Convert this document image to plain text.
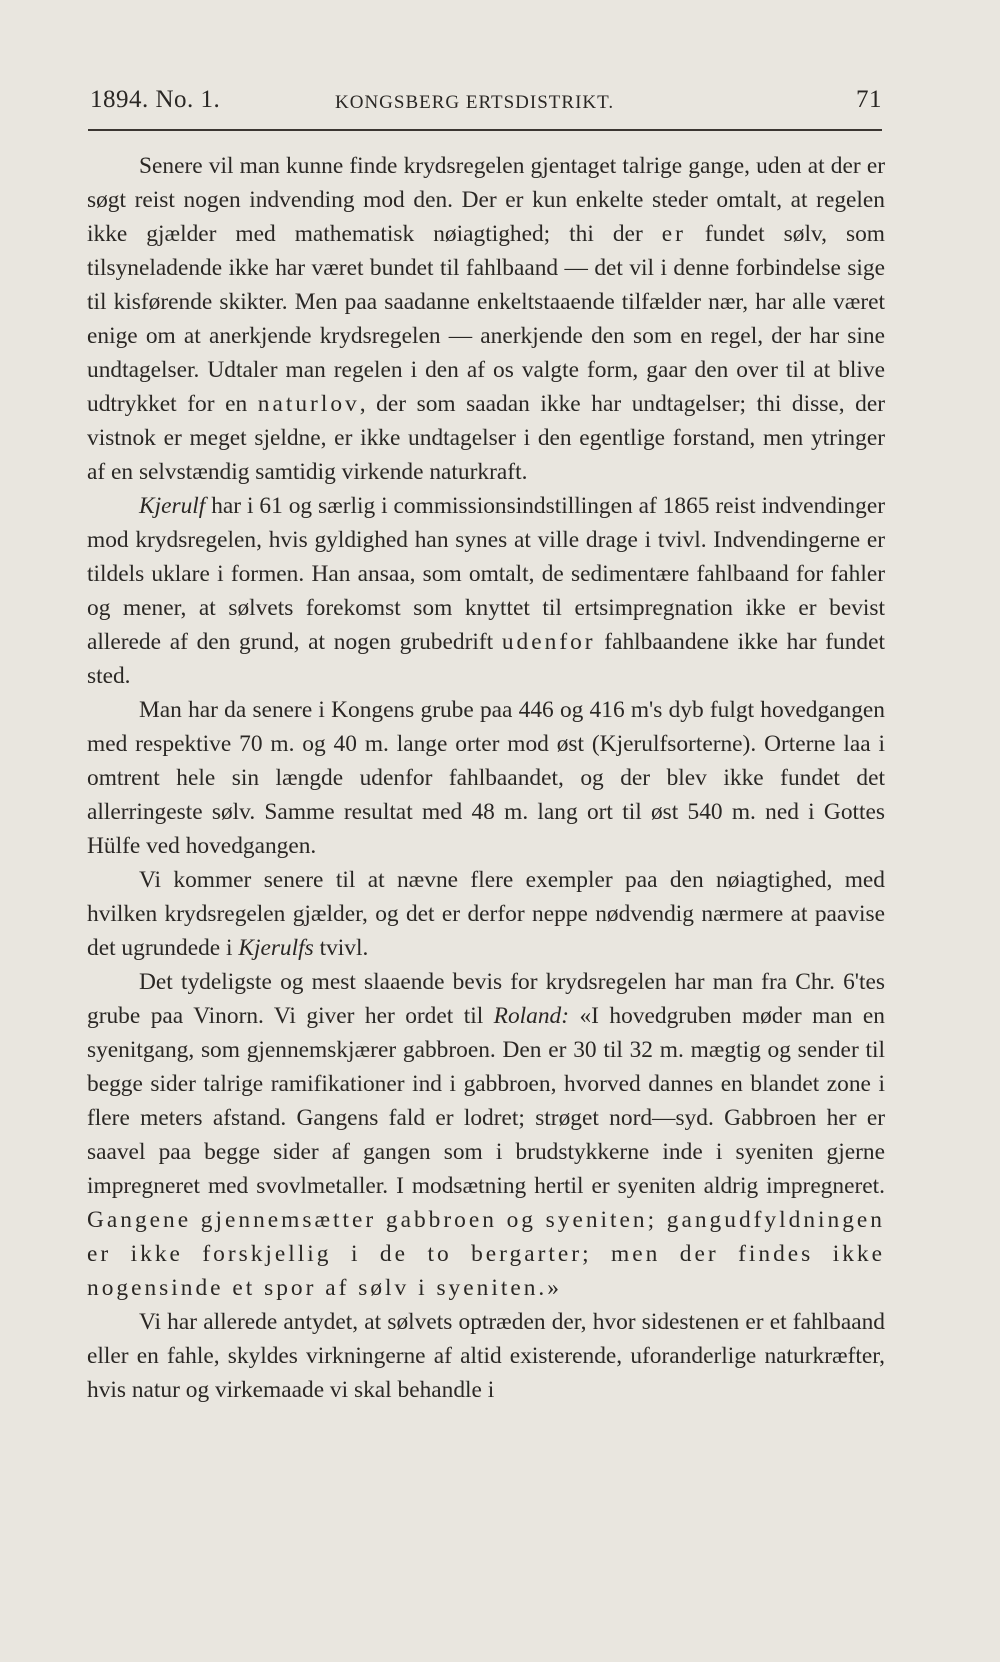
1894. No. 1.	KONGSBERG ERTSDISTRIKT.	71

Senere vil man kunne finde krydsregelen gjentaget talrige gange, uden at der er søgt reist nogen indvending mod den. Der er kun enkelte steder omtalt, at regelen ikke gjælder med mathematisk nøiagtighed; thi der er fundet sølv, som tilsyneladende ikke har været bundet til fahlbaand — det vil i denne forbindelse sige til kisførende skikter. Men paa saadanne enkeltstaaende tilfælder nær, har alle været enige om at anerkjende krydsregelen — anerkjende den som en regel, der har sine undtagelser. Udtaler man regelen i den af os valgte form, gaar den over til at blive udtrykket for en naturlov, der som saadan ikke har undtagelser; thi disse, der vistnok er meget sjeldne, er ikke undtagelser i den egentlige forstand, men ytringer af en selvstændig samtidig virkende naturkraft.

Kjerulf har i 61 og særlig i commissionsindstillingen af 1865 reist indvendinger mod krydsregelen, hvis gyldighed han synes at ville drage i tvivl. Indvendingerne er tildels uklare i formen. Han ansaa, som omtalt, de sedimentære fahlbaand for fahler og mener, at sølvets forekomst som knyttet til ertsimpregnation ikke er bevist allerede af den grund, at nogen grubedrift udenfor fahlbaandene ikke har fundet sted.

Man har da senere i Kongens grube paa 446 og 416 m's dyb fulgt hovedgangen med respektive 70 m. og 40 m. lange orter mod øst (Kjerulfsorterne). Orterne laa i omtrent hele sin længde udenfor fahlbaandet, og der blev ikke fundet det allerringeste sølv. Samme resultat med 48 m. lang ort til øst 540 m. ned i Gottes Hülfe ved hovedgangen.

Vi kommer senere til at nævne flere exempler paa den nøiagtighed, med hvilken krydsregelen gjælder, og det er derfor neppe nødvendig nærmere at paavise det ugrundede i Kjerulfs tvivl.

Det tydeligste og mest slaaende bevis for krydsregelen har man fra Chr. 6'tes grube paa Vinorn. Vi giver her ordet til Roland: «I hovedgruben møder man en syenitgang, som gjennemskjærer gabbroen. Den er 30 til 32 m. mægtig og sender til begge sider talrige ramifikationer ind i gabbroen, hvorved dannes en blandet zone i flere meters afstand. Gangens fald er lodret; strøget nord—syd. Gabbroen her er saavel paa begge sider af gangen som i brudstykkerne inde i syeniten gjerne impregneret med svovlmetaller. I modsætning hertil er syeniten aldrig impregneret. Gangene gjennemsætter gabbroen og syeniten; gangudfyldningen er ikke forskjellig i de to bergarter; men der findes ikke nogensinde et spor af sølv i syeniten.»

Vi har allerede antydet, at sølvets optræden der, hvor sidestenen er et fahlbaand eller en fahle, skyldes virkningerne af altid existerende, uforanderlige naturkræfter, hvis natur og virkemaade vi skal behandle i
